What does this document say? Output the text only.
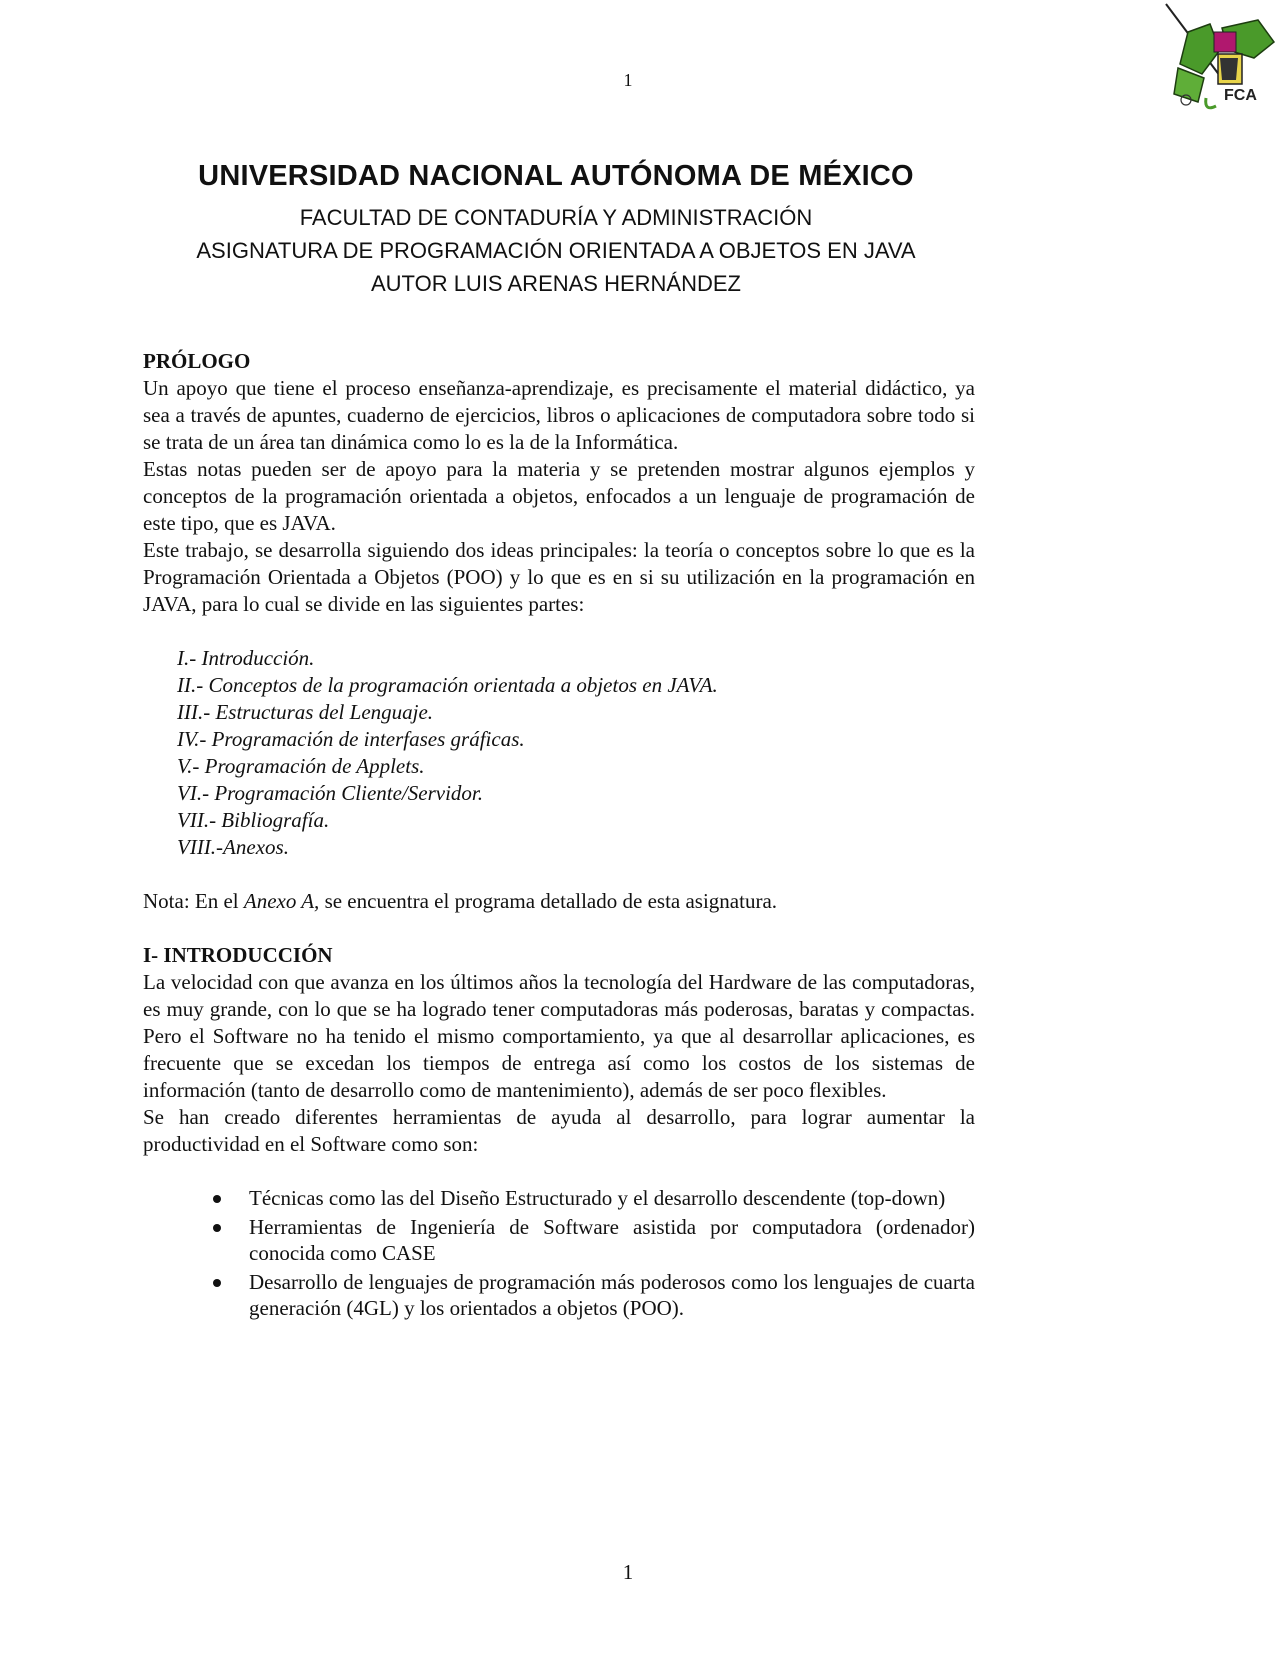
1
FCA
UNIVERSIDAD NACIONAL AUTÓNOMA DE MÉXICO

FACULTAD DE CONTADURÍA Y ADMINISTRACIÓN

ASIGNATURA DE PROGRAMACIÓN ORIENTADA A OBJETOS EN JAVA

AUTOR LUIS ARENAS HERNÁNDEZ

PRÓLOGO

Un apoyo que tiene el proceso enseñanza-aprendizaje, es precisamente el material didáctico, ya sea a través de apuntes, cuaderno de ejercicios, libros o aplicaciones de computadora sobre todo si se trata de un área tan dinámica como lo es la de la Informática.

Estas notas pueden ser de apoyo para la materia y se pretenden mostrar algunos ejemplos y conceptos de la programación orientada a objetos, enfocados a un lenguaje de programación de este tipo, que es JAVA.

Este trabajo, se desarrolla siguiendo dos ideas principales: la teoría o conceptos sobre lo que es la Programación Orientada a Objetos (POO) y lo que es en si su utilización en la programación en JAVA, para lo cual se divide en las siguientes partes:

I.- Introducción.
II.- Conceptos de la programación orientada a objetos en JAVA.
III.- Estructuras del Lenguaje.
IV.- Programación de interfases gráficas.
V.- Programación de Applets.
VI.- Programación Cliente/Servidor.
VII.- Bibliografía.
VIII.-Anexos.

Nota: En el Anexo A, se encuentra el programa detallado de esta asignatura.

I- INTRODUCCIÓN

La velocidad con que avanza en los últimos años la tecnología del Hardware de las computadoras, es muy grande, con lo que se ha logrado tener computadoras más poderosas, baratas y compactas. Pero el Software no ha tenido el mismo comportamiento, ya que al desarrollar aplicaciones, es frecuente que se excedan los tiempos de entrega así como los costos de los sistemas de información (tanto de desarrollo como de mantenimiento), además de ser poco flexibles.

Se han creado diferentes herramientas de ayuda al desarrollo, para lograr aumentar la productividad en el Software como son:

Técnicas como las del Diseño Estructurado y el desarrollo descendente (top-down)
Herramientas de Ingeniería de Software asistida por computadora (ordenador) conocida como CASE
Desarrollo de lenguajes de programación más poderosos como los lenguajes de cuarta generación (4GL) y los orientados a objetos (POO).
1
